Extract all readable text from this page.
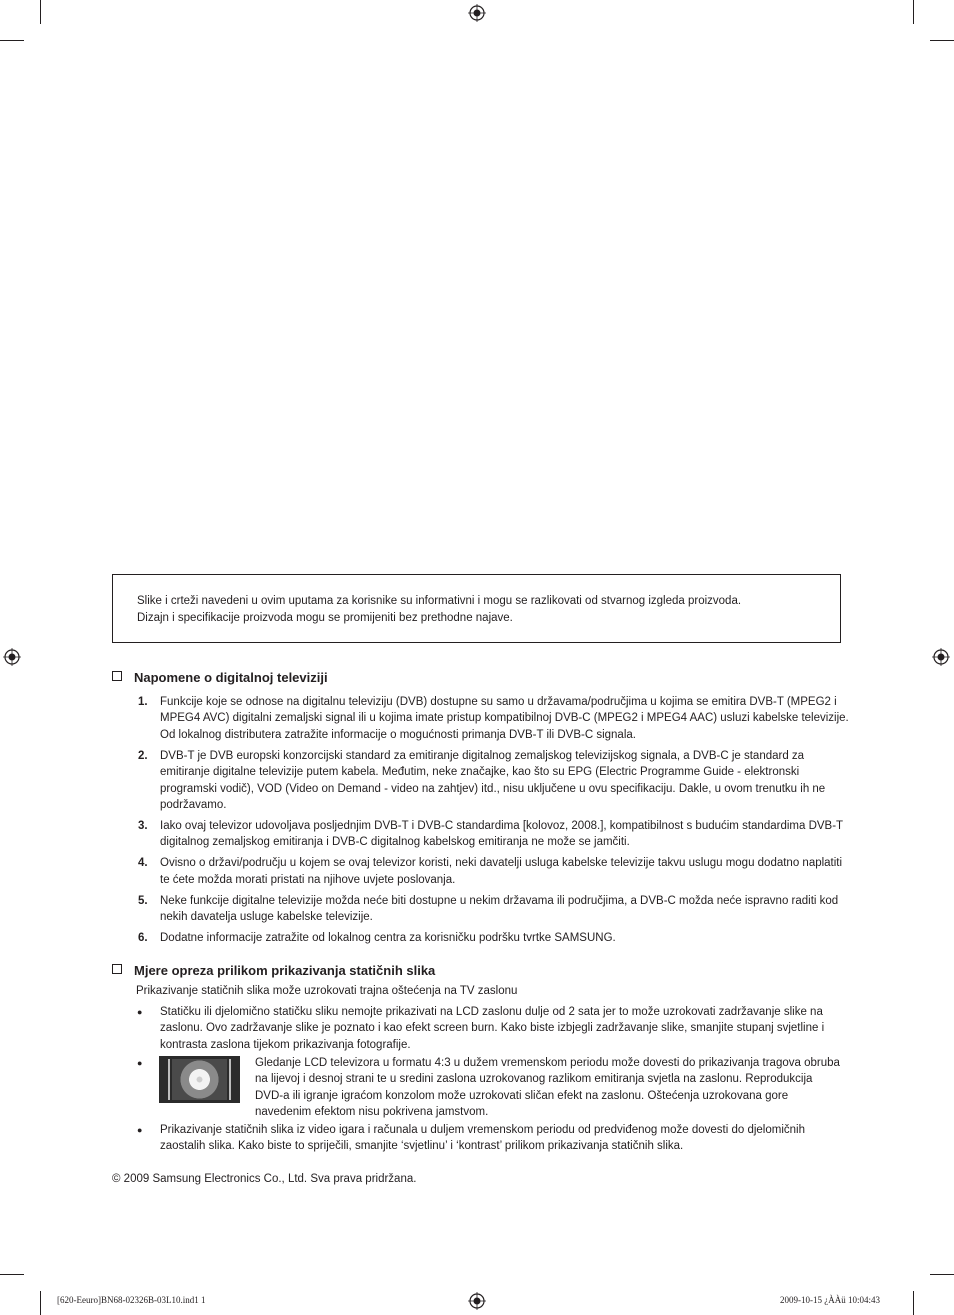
Slike i crteži navedeni u ovim uputama za korisnike su informativni i mogu se razlikovati od stvarnog izgleda proizvoda.

Dizajn i specifikacije proizvoda mogu se promijeniti bez prethodne najave.

Napomene o digitalnoj televiziji
1. Funkcije koje se odnose na digitalnu televiziju (DVB) dostupne su samo u državama/područjima u kojima se emitira DVB-T (MPEG2 i MPEG4 AVC) digitalni zemaljski signal ili u kojima imate pristup kompatibilnoj DVB-C (MPEG2 i MPEG4 AAC) usluzi kabelske televizije. Od lokalnog distributera zatražite informacije o mogućnosti primanja DVB-T ili DVB-C signala.
2. DVB-T je DVB europski konzorcijski standard za emitiranje digitalnog zemaljskog televizijskog signala, a DVB-C je standard za emitiranje digitalne televizije putem kabela. Međutim, neke značajke, kao što su EPG (Electric Programme Guide - elektronski programski vodič), VOD (Video on Demand - video na zahtjev) itd., nisu uključene u ovu specifikaciju. Dakle, u ovom trenutku ih ne podržavamo.
3. Iako ovaj televizor udovoljava posljednjim DVB-T i DVB-C standardima [kolovoz, 2008.], kompatibilnost s budućim standardima DVB-T digitalnog zemaljskog emitiranja i DVB-C digitalnog kabelskog emitiranja ne može se jamčiti.
4. Ovisno o državi/području u kojem se ovaj televizor koristi, neki davatelji usluga kabelske televizije takvu uslugu mogu dodatno naplatiti te ćete možda morati pristati na njihove uvjete poslovanja.
5. Neke funkcije digitalne televizije možda neće biti dostupne u nekim državama ili područjima, a DVB-C možda neće ispravno raditi kod nekih davatelja usluge kabelske televizije.
6. Dodatne informacije zatražite od lokalnog centra za korisničku podršku tvrtke SAMSUNG.
Mjere opreza prilikom prikazivanja statičnih slika
Prikazivanje statičnih slika može uzrokovati trajna oštećenja na TV zaslonu
● Statičku ili djelomično statičku sliku nemojte prikazivati na LCD zaslonu dulje od 2 sata jer to može uzrokovati zadržavanje slike na zaslonu. Ovo zadržavanje slike je poznato i kao efekt screen burn. Kako biste izbjegli zadržavanje slike, smanjite stupanj svjetline i kontrasta zaslona tijekom prikazivanja fotografije.
●	Gledanje LCD televizora u formatu 4:3 u dužem vremenskom periodu može dovesti do prikazivanja tragova obruba na lijevoj i desnoj strani te u sredini zaslona uzrokovanog razlikom emitiranja svjetla na zaslonu. Reprodukcija DVD-a ili igranje igraćom konzolom može uzrokovati sličan efekt na zaslonu. Oštećenja uzrokovana gore navedenim efektom nisu pokrivena jamstvom.
● Prikazivanje statičnih slika iz video igara i računala u duljem vremenskom periodu od predviđenog može dovesti do djelomičnih zaostalih slika. Kako biste to spriječili, smanjite ‘svjetlinu’ i ‘kontrast’ prilikom prikazivanja statičnih slika.
© 2009 Samsung Electronics Co., Ltd. Sva prava pridržana.
[620-Eeuro]BN68-02326B-03L10.ind1 1	2009-10-15 ¿ÀÀü 10:04:43
